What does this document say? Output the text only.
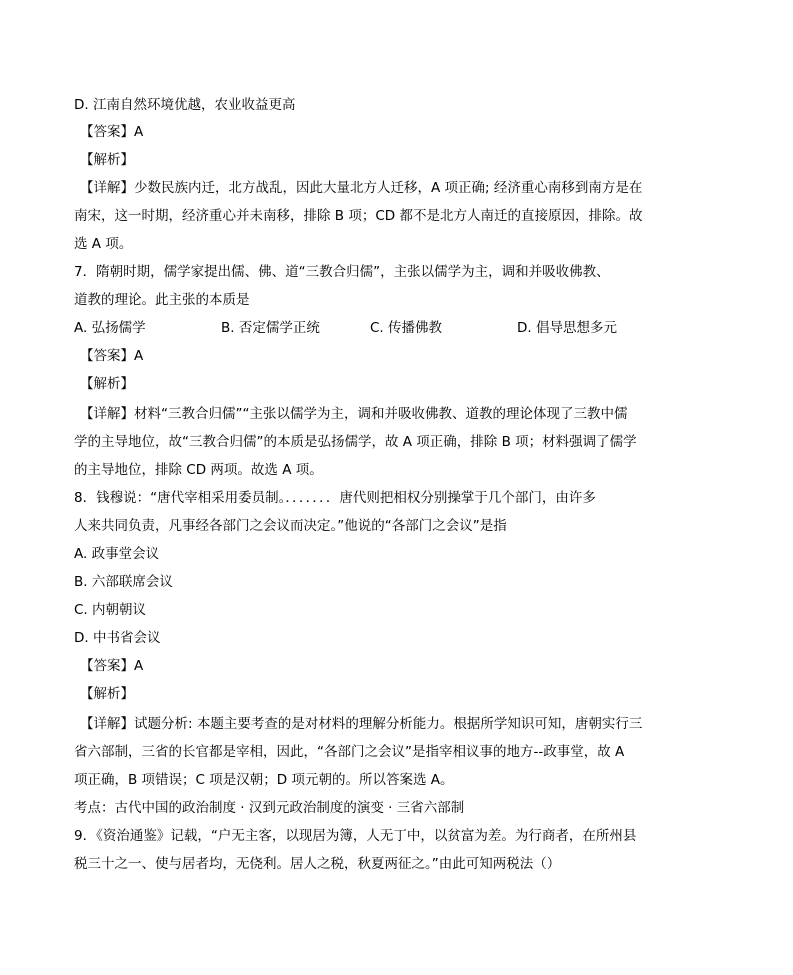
D. 江南自然环境优越，农业收益更高
【答案】A
【解析】
【详解】少数民族内迁，北方战乱，因此大量北方人迁移，A 项正确; 经济重心南移到南方是在
南宋，这一时期，经济重心并未南移，排除 B 项；CD 都不是北方人南迁的直接原因，排除。故
选 A 项。
7．隋朝时期，儒学家提出儒、佛、道“三教合归儒”，主张以儒学为主，调和并吸收佛教、
道教的理论。此主张的本质是
A. 弘扬儒学	B. 否定儒学正统	C. 传播佛教	D. 倡导思想多元
【答案】A
【解析】
【详解】材料“三教合归儒”“主张以儒学为主，调和并吸收佛教、道教的理论体现了三教中儒
学的主导地位，故“三教合归儒”的本质是弘扬儒学，故 A 项正确，排除 B 项；材料强调了儒学
的主导地位，排除 CD 两项。故选 A 项。
8．钱穆说：“唐代宰相采用委员制。．．．．．．．唐代则把相权分别操掌于几个部门，由许多
人来共同负责，凡事经各部门之会议而决定。”他说的“各部门之会议”是指
A. 政事堂会议
B. 六部联席会议
C. 内朝朝议
D. 中书省会议
【答案】A
【解析】
【详解】试题分析: 本题主要考查的是对材料的理解分析能力。根据所学知识可知，唐朝实行三
省六部制，三省的长官都是宰相，因此，“各部门之会议”是指宰相议事的地方--政事堂，故 A
项正确，B 项错误；C 项是汉朝；D 项元朝的。所以答案选 A。
考点：古代中国的政治制度 · 汉到元政治制度的演变 · 三省六部制
9．《资治通鉴》记载，“户无主客，以现居为簿，人无丁中，以贫富为差。为行商者，在所州县
税三十之一、使与居者均，无侥利。居人之税，秋夏两征之。”由此可知两税法（）
